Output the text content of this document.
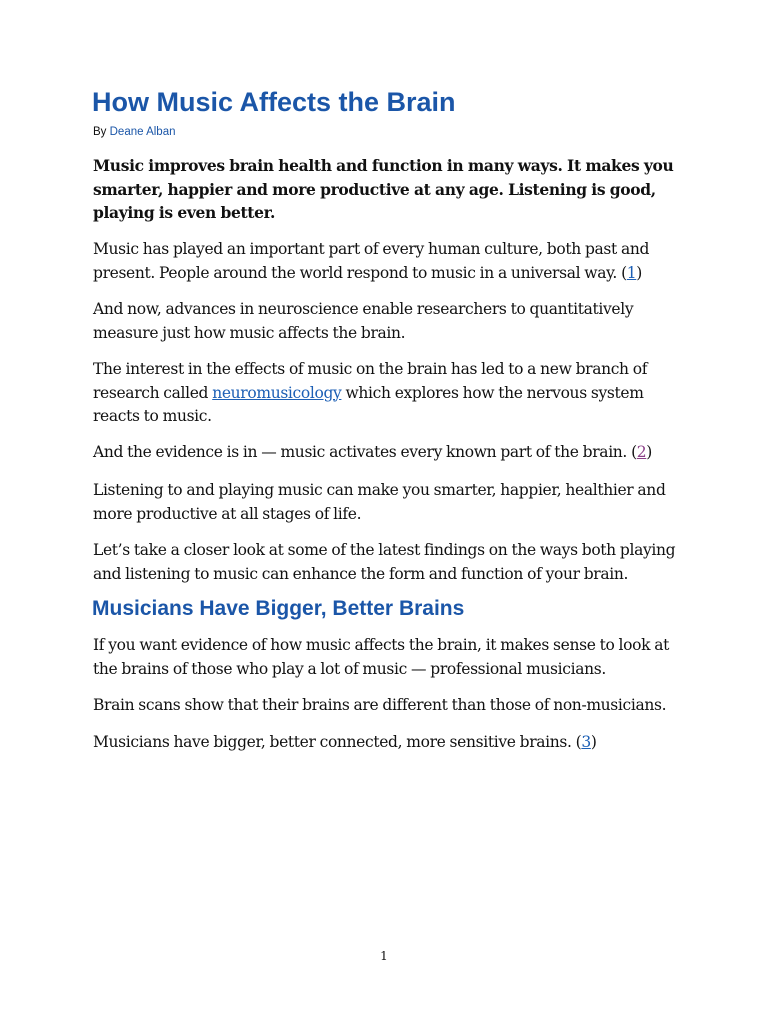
How Music Affects the Brain
By Deane Alban

Music improves brain health and function in many ways. It makes you smarter, happier and more productive at any age. Listening is good, playing is even better.

Music has played an important part of every human culture, both past and present. People around the world respond to music in a universal way. (1)

And now, advances in neuroscience enable researchers to quantitatively measure just how music affects the brain.

The interest in the effects of music on the brain has led to a new branch of research called neuromusicology which explores how the nervous system reacts to music.

And the evidence is in — music activates every known part of the brain. (2)

Listening to and playing music can make you smarter, happier, healthier and more productive at all stages of life.

Let’s take a closer look at some of the latest findings on the ways both playing and listening to music can enhance the form and function of your brain.

Musicians Have Bigger, Better Brains

If you want evidence of how music affects the brain, it makes sense to look at the brains of those who play a lot of music — professional musicians.

Brain scans show that their brains are different than those of non-musicians.

Musicians have bigger, better connected, more sensitive brains. (3)

1
